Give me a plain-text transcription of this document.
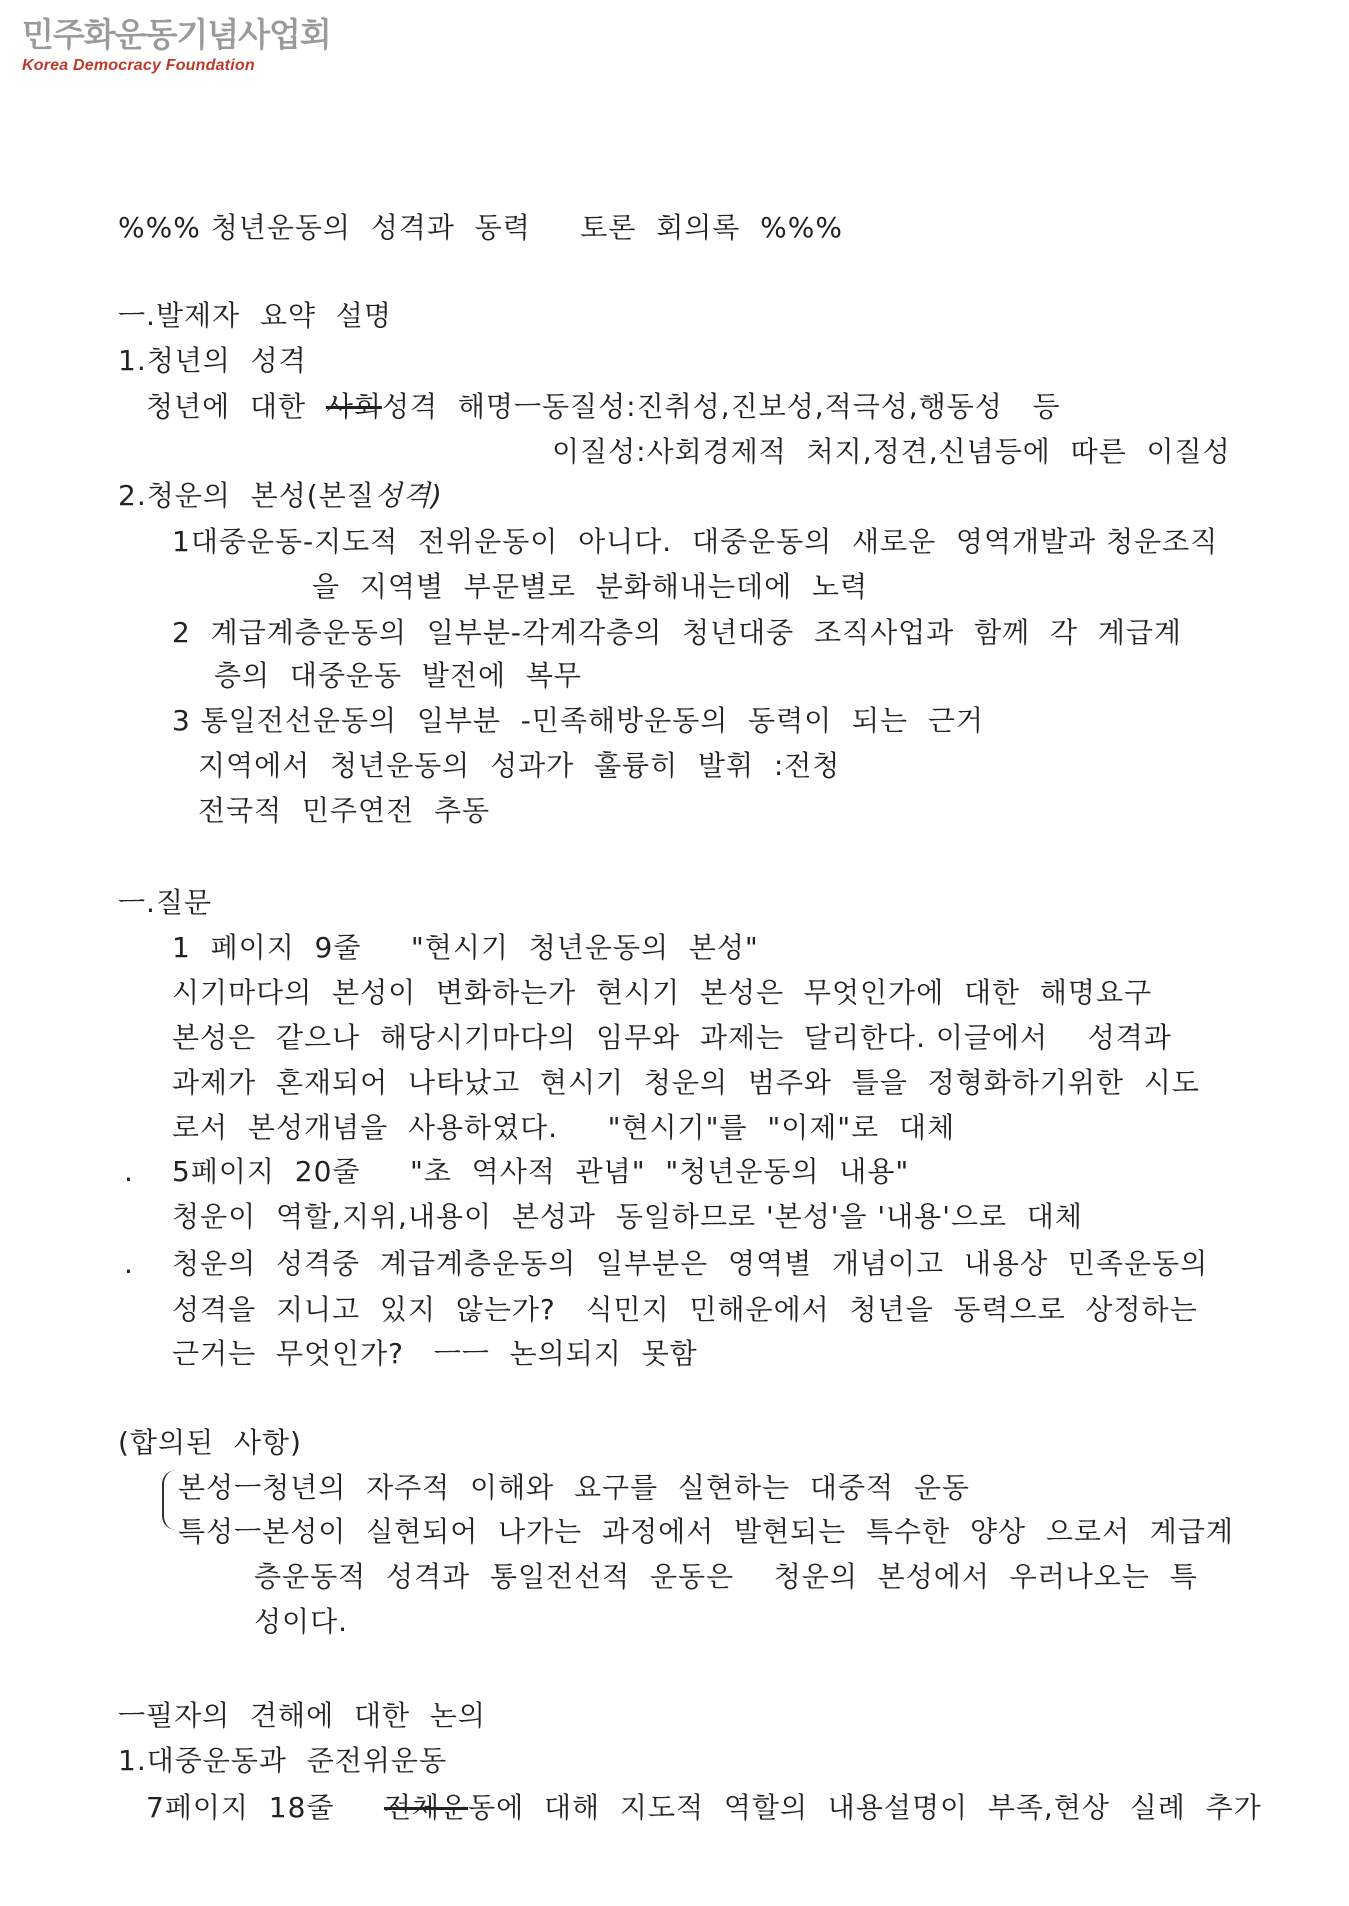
민주화운동기념사업회
Korea Democracy Foundation
%%% 청년운동의  성격과  동력     토론  회의록  %%%
ㅡ.발제자  요약  설명
1.청년의  성격
청년에  대한  사회성격  해명ㅡ동질성:진취성,진보성,적극성,행동성   등
이질성:사회경제적  처지,정견,신념등에  따른  이질성
2.청운의  본성(본질성격)
1대중운동-지도적  전위운동이  아니다.  대중운동의  새로운  영역개발과 청운조직
을  지역별  부문별로  분화해내는데에  노력
2  계급계층운동의  일부분-각계각층의  청년대중  조직사업과  함께  각  계급계
층의  대중운동  발전에  복무
3 통일전선운동의  일부분  -민족해방운동의  동력이  되는  근거
지역에서  청년운동의  성과가  훌륭히  발휘  :전청
전국적  민주연전  추동
ㅡ.질문
1  페이지  9줄     "현시기  청년운동의  본성"
시기마다의  본성이  변화하는가  현시기  본성은  무엇인가에  대한  해명요구
본성은  같으나  해당시기마다의  임무와  과제는  달리한다. 이글에서    성격과
과제가  혼재되어  나타났고  현시기  청운의  범주와  틀을  정형화하기위한  시도
로서  본성개념을  사용하였다.     "현시기"를  "이제"로  대체
. 5페이지  20줄     "초  역사적  관념"  "청년운동의  내용"
청운이  역할,지위,내용이  본성과  동일하므로 '본성'을 '내용'으로  대체
. 청운의  성격중  계급계층운동의  일부분은  영역별  개념이고  내용상  민족운동의
성격을  지니고  있지  않는가?   식민지  민해운에서  청년을  동력으로  상정하는
근거는  무엇인가?   ㅡㅡ  논의되지  못함
(합의된  사항)
본성ㅡ청년의  자주적  이해와  요구를  실현하는  대중적  운동
특성ㅡ본성이  실현되어  나가는  과정에서  발현되는  특수한  양상  으로서  계급계
층운동적  성격과  통일전선적  운동은    청운의  본성에서  우러나오는  특
성이다.
ㅡ필자의  견해에  대한  논의
1.대중운동과  준전위운동
7페이지  18줄     전체운동에  대해  지도적  역할의  내용설명이  부족,현상  실례  추가
